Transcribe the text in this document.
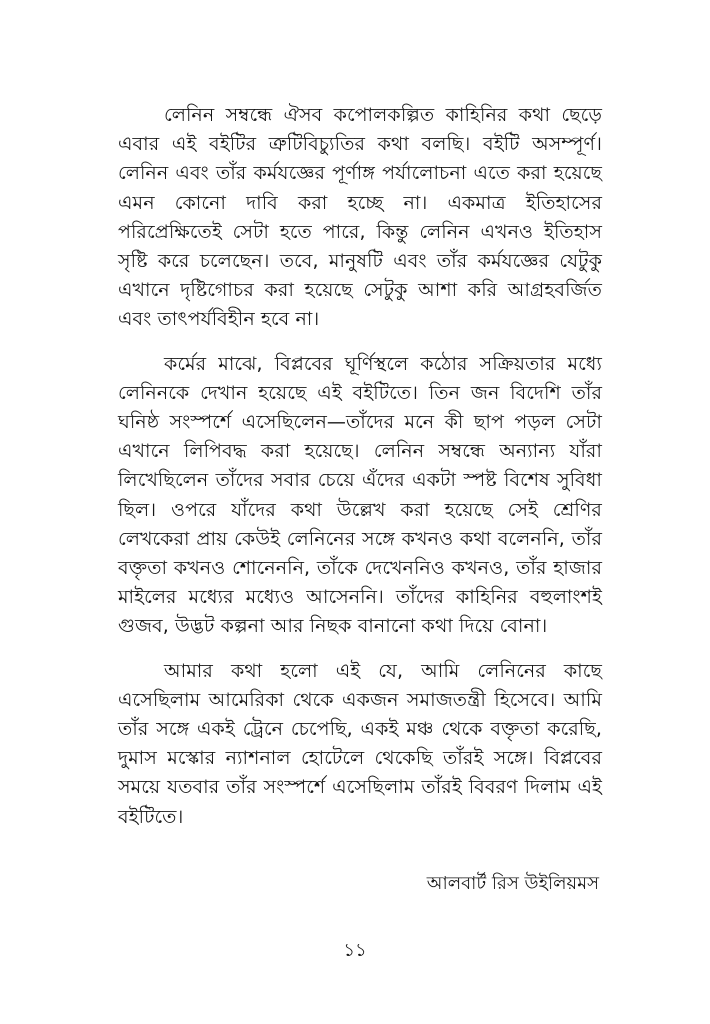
লেনিন সম্বন্ধে ঐসব কপোলকল্পিত কাহিনির কথা ছেড়ে এবার এই বইটির ত্রুটিবিচ্যুতির কথা বলছি। বইটি অসম্পূর্ণ। লেনিন এবং তাঁর কর্মযজ্ঞের পূর্ণাঙ্গ পর্যালোচনা এতে করা হয়েছে এমন কোনো দাবি করা হচ্ছে না। একমাত্র ইতিহাসের পরিপ্রেক্ষিতেই সেটা হতে পারে, কিন্তু লেনিন এখনও ইতিহাস সৃষ্টি করে চলেছেন। তবে, মানুষটি এবং তাঁর কর্মযজ্ঞের যেটুকু এখানে দৃষ্টিগোচর করা হয়েছে সেটুকু আশা করি আগ্রহবর্জিত এবং তাৎপর্যবিহীন হবে না।

কর্মের মাঝে, বিপ্লবের ঘূর্ণিস্থলে কঠোর সক্রিয়তার মধ্যে লেনিনকে দেখান হয়েছে এই বইটিতে। তিন জন বিদেশি তাঁর ঘনিষ্ঠ সংস্পর্শে এসেছিলেন—তাঁদের মনে কী ছাপ পড়ল সেটা এখানে লিপিবদ্ধ করা হয়েছে। লেনিন সম্বন্ধে অন্যান্য যাঁরা লিখেছিলেন তাঁদের সবার চেয়ে এঁদের একটা স্পষ্ট বিশেষ সুবিধা ছিল। ওপরে যাঁদের কথা উল্লেখ করা হয়েছে সেই শ্রেণির লেখকেরা প্রায় কেউই লেনিনের সঙ্গে কখনও কথা বলেননি, তাঁর বক্তৃতা কখনও শোনেননি, তাঁকে দেখেননিও কখনও, তাঁর হাজার মাইলের মধ্যের মধ্যেও আসেননি। তাঁদের কাহিনির বহুলাংশই গুজব, উদ্ভট কল্পনা আর নিছক বানানো কথা দিয়ে বোনা।

আমার কথা হলো এই যে, আমি লেনিনের কাছে এসেছিলাম আমেরিকা থেকে একজন সমাজতন্ত্রী হিসেবে। আমি তাঁর সঙ্গে একই ট্রেনে চেপেছি, একই মঞ্চ থেকে বক্তৃতা করেছি, দুমাস মস্কোর ন্যাশনাল হোটেলে থেকেছি তাঁরই সঙ্গে। বিপ্লবের সময়ে যতবার তাঁর সংস্পর্শে এসেছিলাম তাঁরই বিবরণ দিলাম এই বইটিতে।

আলবার্ট রিস উইলিয়মস
১১
